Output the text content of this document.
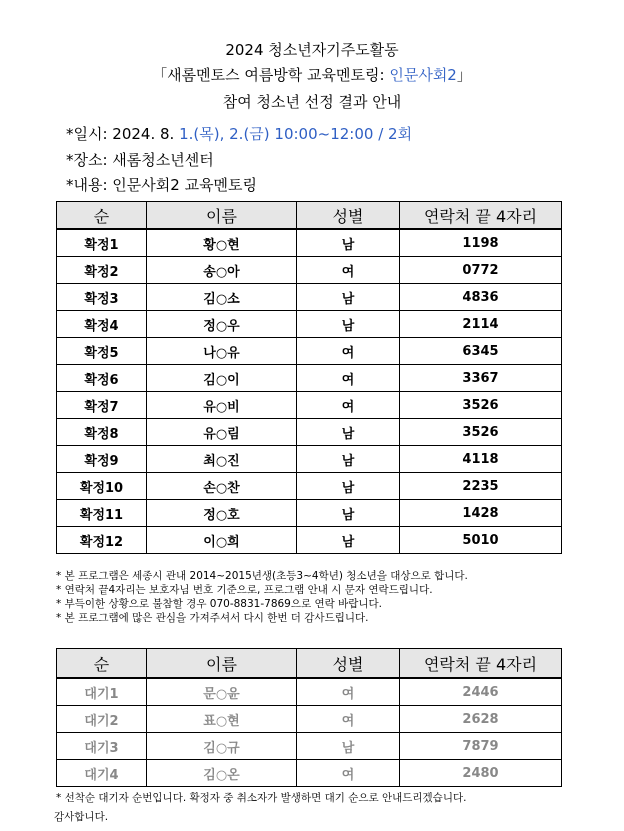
2024 청소년자기주도활동
「새롬멘토스 여름방학 교육멘토링: 인문사회2」
참여 청소년 선정 결과 안내
*일시: 2024. 8. 1.(목), 2.(금) 10:00~12:00 / 2회
*장소: 새롬청소년센터
*내용: 인문사회2 교육멘토링
순	이름	성별	연락처 끝 4자리
확정1	황○현	남	1198
확정2	송○아	여	0772
확정3	김○소	남	4836
확정4	정○우	남	2114
확정5	나○유	여	6345
확정6	김○이	여	3367
확정7	유○비	여	3526
확정8	유○림	남	3526
확정9	최○진	남	4118
확정10	손○찬	남	2235
확정11	정○호	남	1428
확정12	이○희	남	5010
* 본 프로그램은 세종시 관내 2014~2015년생(초등3~4학년) 청소년을 대상으로 합니다.
* 연락처 끝4자리는 보호자님 번호 기준으로, 프로그램 안내 시 문자 연락드립니다.
* 부득이한 상황으로 불참할 경우 070-8831-7869으로 연락 바랍니다.
* 본 프로그램에 많은 관심을 가져주셔서 다시 한번 더 감사드립니다.
순	이름	성별	연락처 끝 4자리
대기1	문○윤	여	2446
대기2	표○현	여	2628
대기3	김○규	남	7879
대기4	김○온	여	2480
* 선착순 대기자 순번입니다. 확정자 중 취소자가 발생하면 대기 순으로 안내드리겠습니다.
감사합니다.
